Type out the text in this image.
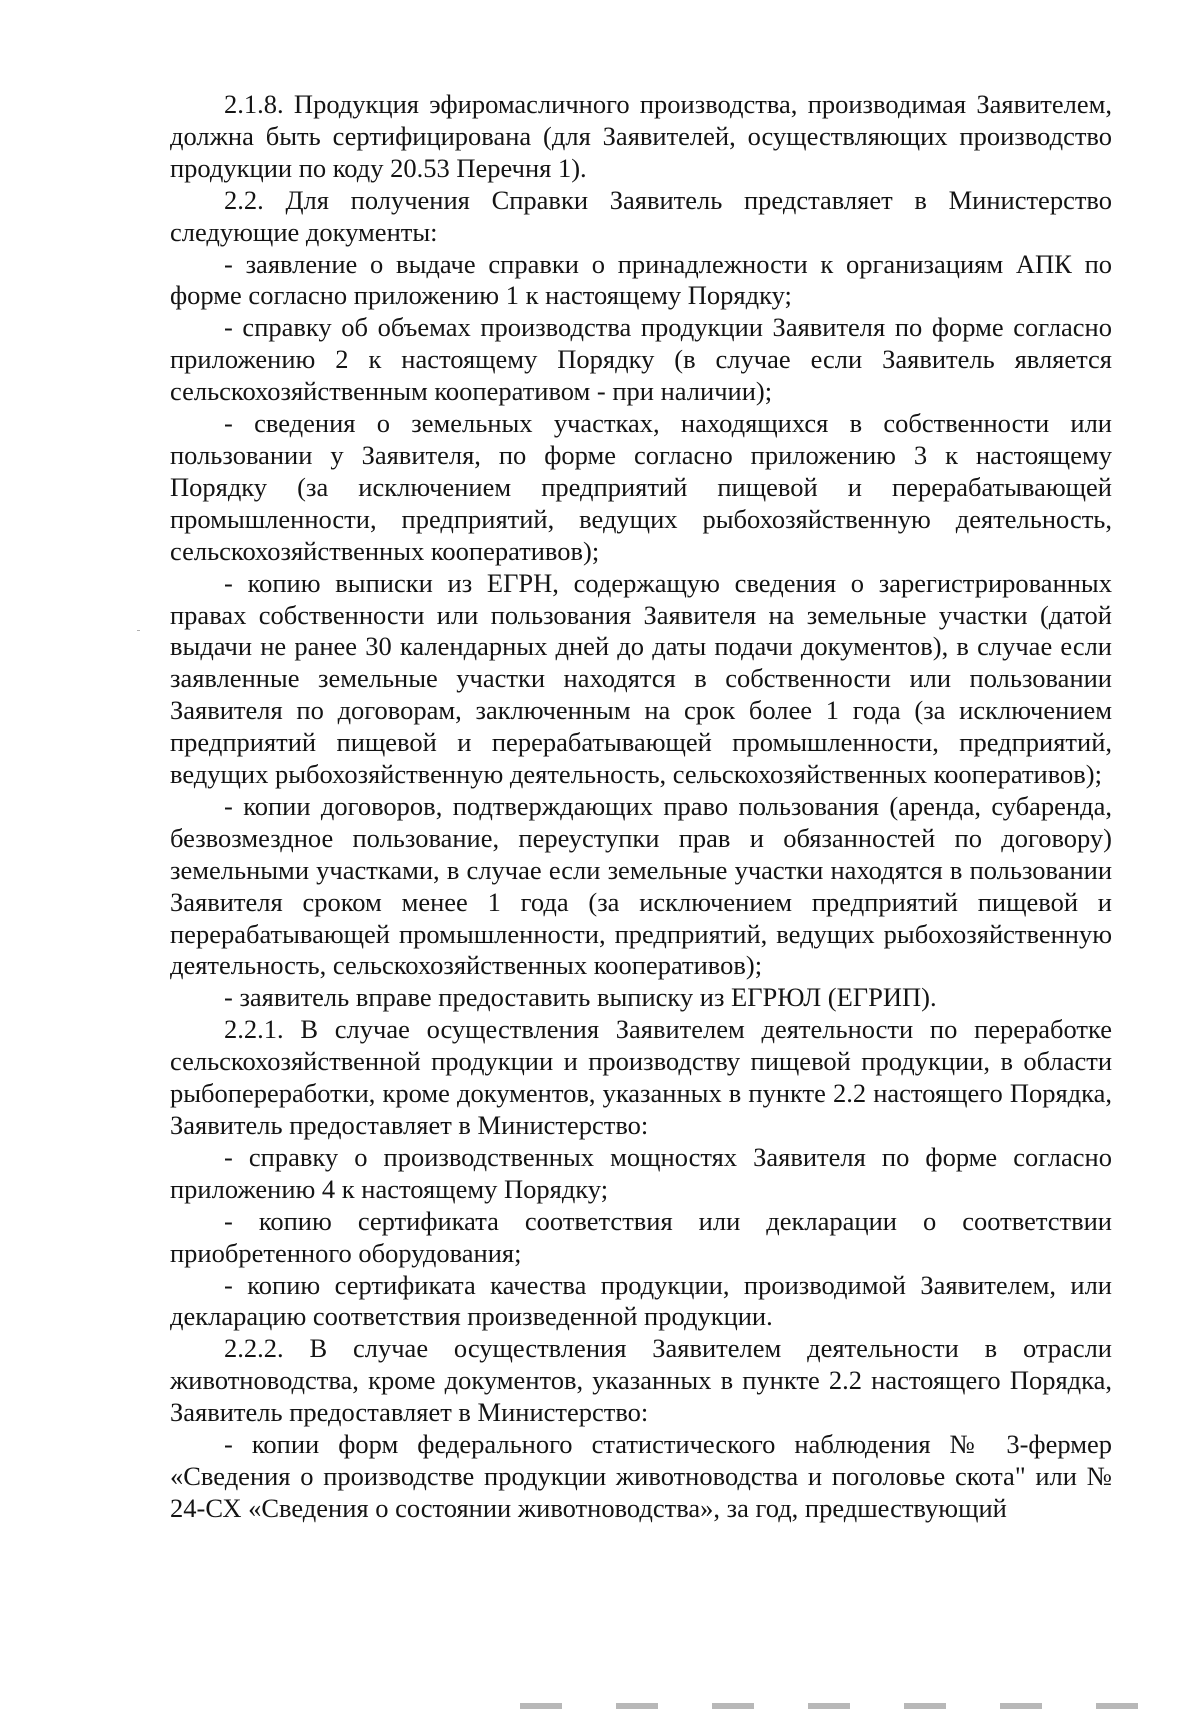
2.1.8. Продукция эфиромасличного производства, производимая Заявителем, должна быть сертифицирована (для Заявителей, осуществляющих производство продукции по коду 20.53 Перечня 1).

2.2. Для получения Справки Заявитель представляет в Министерство следующие документы:

- заявление о выдаче справки о принадлежности к организациям АПК по форме согласно приложению 1 к настоящему Порядку;

- справку об объемах производства продукции Заявителя по форме согласно приложению 2 к настоящему Порядку (в случае если Заявитель является сельскохозяйственным кооперативом - при наличии);

- сведения о земельных участках, находящихся в собственности или пользовании у Заявителя, по форме согласно приложению 3 к настоящему Порядку (за исключением предприятий пищевой и перерабатывающей промышленности, предприятий, ведущих рыбохозяйственную деятельность, сельскохозяйственных кооперативов);

- копию выписки из ЕГРН, содержащую сведения о зарегистрированных правах собственности или пользования Заявителя на земельные участки (датой выдачи не ранее 30 календарных дней до даты подачи документов), в случае если заявленные земельные участки находятся в собственности или пользовании Заявителя по договорам, заключенным на срок более 1 года (за исключением предприятий пищевой и перерабатывающей промышленности, предприятий, ведущих рыбохозяйственную деятельность, сельскохозяйственных кооперативов);

- копии договоров, подтверждающих право пользования (аренда, субаренда, безвозмездное пользование, переуступки прав и обязанностей по договору) земельными участками, в случае если земельные участки находятся в пользовании Заявителя сроком менее 1 года (за исключением предприятий пищевой и перерабатывающей промышленности, предприятий, ведущих рыбохозяйственную деятельность, сельскохозяйственных кооперативов);

- заявитель вправе предоставить выписку из ЕГРЮЛ (ЕГРИП).

2.2.1. В случае осуществления Заявителем деятельности по переработке сельскохозяйственной продукции и производству пищевой продукции, в области рыбопереработки, кроме документов, указанных в пункте 2.2 настоящего Порядка, Заявитель предоставляет в Министерство:

- справку о производственных мощностях Заявителя по форме согласно приложению 4 к настоящему Порядку;

- копию сертификата соответствия или декларации о соответствии приобретенного оборудования;

- копию сертификата качества продукции, производимой Заявителем, или декларацию соответствия произведенной продукции.

2.2.2. В случае осуществления Заявителем деятельности в отрасли животноводства, кроме документов, указанных в пункте 2.2 настоящего Порядка, Заявитель предоставляет в Министерство:

- копии форм федерального статистического наблюдения № 3-фермер «Сведения о производстве продукции животноводства и поголовье скота" или № 24-СХ «Сведения о состоянии животноводства», за год, предшествующий
